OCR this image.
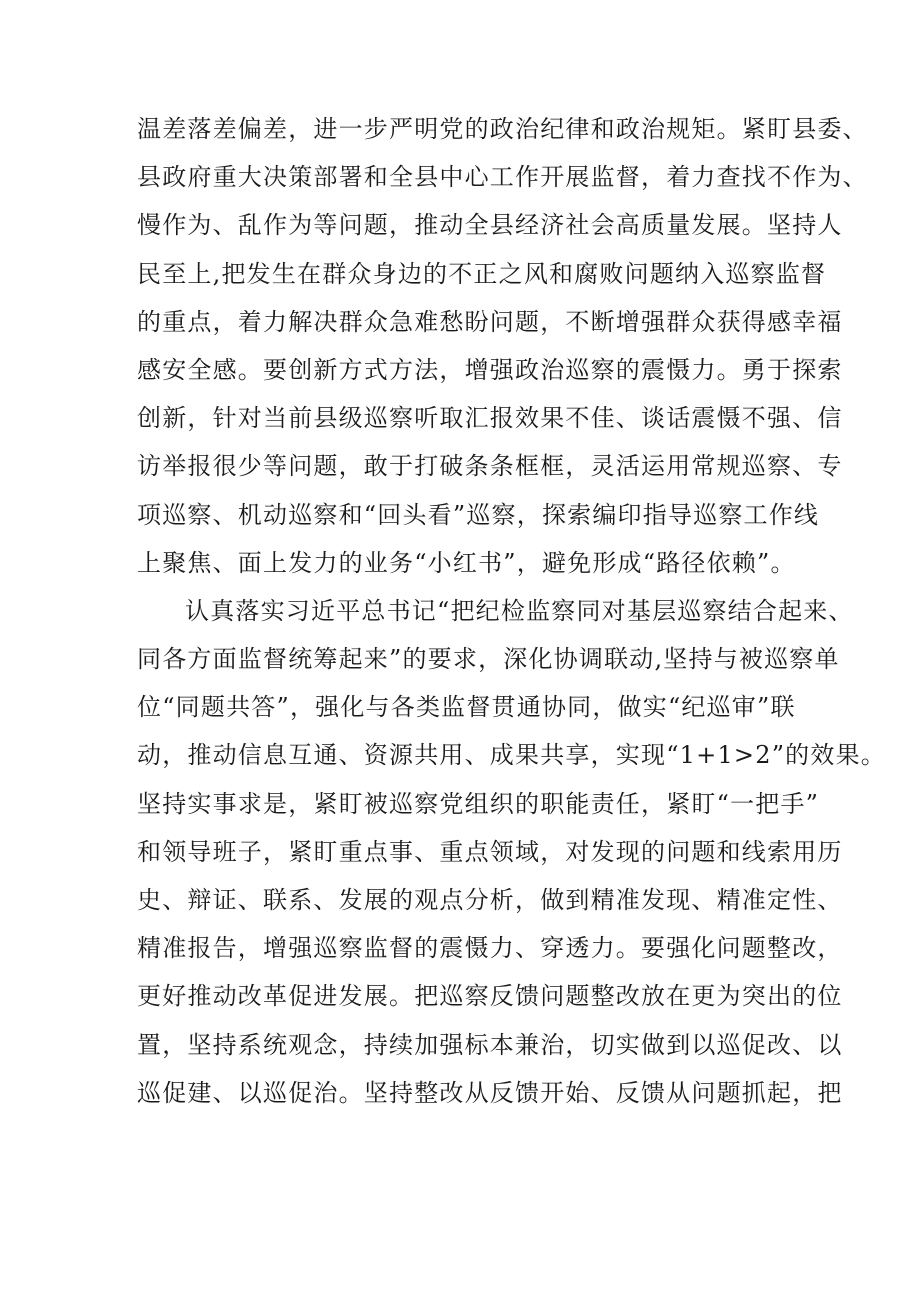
温差落差偏差，进一步严明党的政治纪律和政治规矩。紧盯县委、
县政府重大决策部署和全县中心工作开展监督，着力查找不作为、
慢作为、乱作为等问题，推动全县经济社会高质量发展。坚持人
民至上,把发生在群众身边的不正之风和腐败问题纳入巡察监督
的重点，着力解决群众急难愁盼问题，不断增强群众获得感幸福
感安全感。要创新方式方法，增强政治巡察的震慑力。勇于探索
创新，针对当前县级巡察听取汇报效果不佳、谈话震慑不强、信
访举报很少等问题，敢于打破条条框框，灵活运用常规巡察、专
项巡察、机动巡察和“回头看”巡察，探索编印指导巡察工作线
上聚焦、面上发力的业务“小红书”，避免形成“路径依赖”。
认真落实习近平总书记“把纪检监察同对基层巡察结合起来、
同各方面监督统筹起来”的要求，深化协调联动,坚持与被巡察单
位“同题共答”，强化与各类监督贯通协同，做实“纪巡审”联
动，推动信息互通、资源共用、成果共享，实现“1+1>2”的效果。
坚持实事求是，紧盯被巡察党组织的职能责任，紧盯“一把手”
和领导班子，紧盯重点事、重点领域，对发现的问题和线索用历
史、辩证、联系、发展的观点分析，做到精准发现、精准定性、
精准报告，增强巡察监督的震慑力、穿透力。要强化问题整改，
更好推动改革促进发展。把巡察反馈问题整改放在更为突出的位
置，坚持系统观念，持续加强标本兼治，切实做到以巡促改、以
巡促建、以巡促治。坚持整改从反馈开始、反馈从问题抓起，把
